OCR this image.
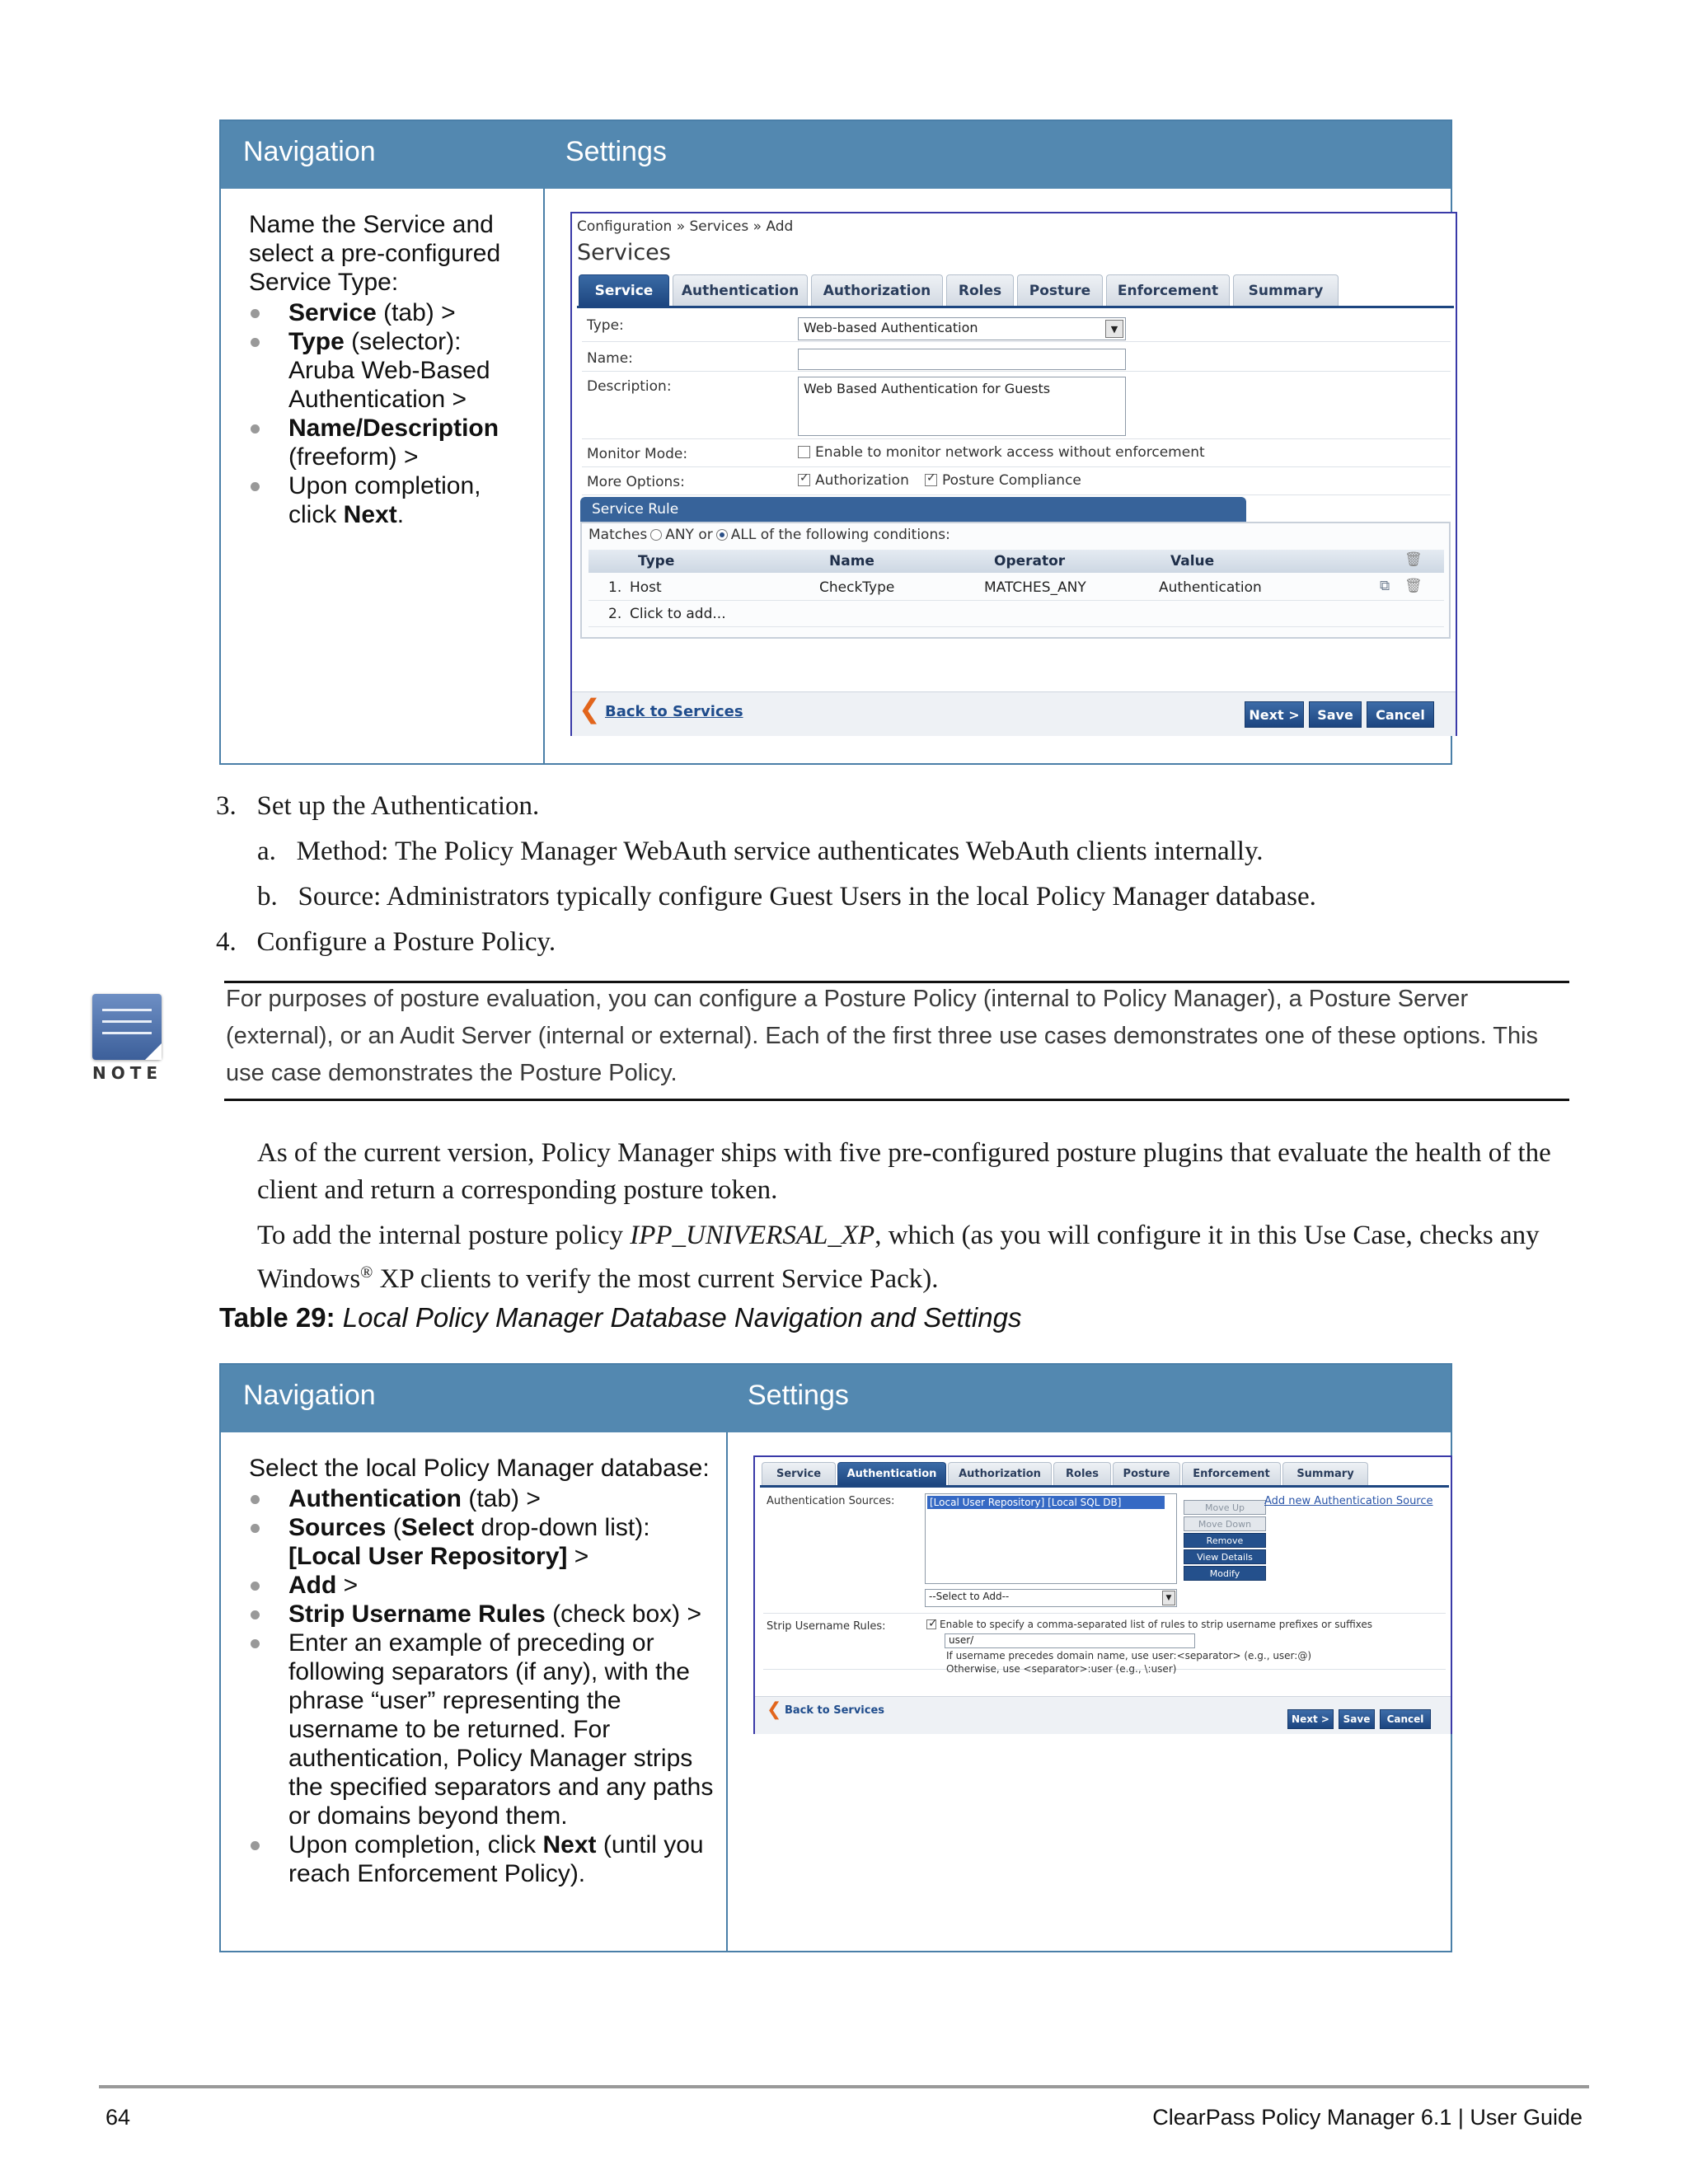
Navigation	Settings
Name the Service and select a pre-configured Service Type:
Service (tab) >
Type (selector): Aruba Web-Based Authentication >
Name/Description (freeform) >
Upon completion, click Next.
Configuration » Services » Add
Services
Service	Authentication	Authorization	Roles	Posture	Enforcement	Summary
Type:	Web-based Authentication	▼
Name:
Description:	Web Based Authentication for Guests
Monitor Mode:	Enable to monitor network access without enforcement
More Options: ✓	Authorization ✓	Posture Compliance
Service Rule
Matches ANY or ALL of the following conditions:
Type	Name	Operator	Value	🗑
1. Host	CheckType	MATCHES_ANY	Authentication	⧉ 🗑
2. Click to add...
❮ Back to Services	Next >	Save	Cancel
3.  Set up the Authentication.
a.  Method: The Policy Manager WebAuth service authenticates WebAuth clients internally.
b.  Source: Administrators typically configure Guest Users in the local Policy Manager database.
4.  Configure a Posture Policy.
NOTE
For purposes of posture evaluation, you can configure a Posture Policy (internal to Policy Manager), a Posture Server (external), or an Audit Server (internal or external). Each of the first three use cases demonstrates one of these options. This use case demonstrates the Posture Policy.
As of the current version, Policy Manager ships with five pre-configured posture plugins that evaluate the health of the client and return a corresponding posture token.
To add the internal posture policy IPP_UNIVERSAL_XP, which (as you will configure it in this Use Case, checks any Windows® XP clients to verify the most current Service Pack).
Table 29: Local Policy Manager Database Navigation and Settings
Navigation	Settings
Select the local Policy Manager database:
Authentication (tab) >
Sources (Select drop-down list): [Local User Repository] >
Add >
Strip Username Rules (check box) >
Enter an example of preceding or following separators (if any), with the phrase “user” representing the username to be returned. For authentication, Policy Manager strips the specified separators and any paths or domains beyond them.
Upon completion, click Next (until you reach Enforcement Policy).
Service	Authentication	Authorization	Roles	Posture	Enforcement	Summary
Authentication Sources:	[Local User Repository] [Local SQL DB]
--Select to Add--	▼
Move Up
Move Down
Remove
View Details
Modify
Add new Authentication Source
Strip Username Rules: ✓	Enable to specify a comma-separated list of rules to strip username prefixes or suffixes
user/
If username precedes domain name, use user:<separator> (e.g., user:@)
Otherwise, use <separator>:user (e.g., \:user)
❮ Back to Services
Next >	Save	Cancel
64	ClearPass Policy Manager 6.1 | User Guide
